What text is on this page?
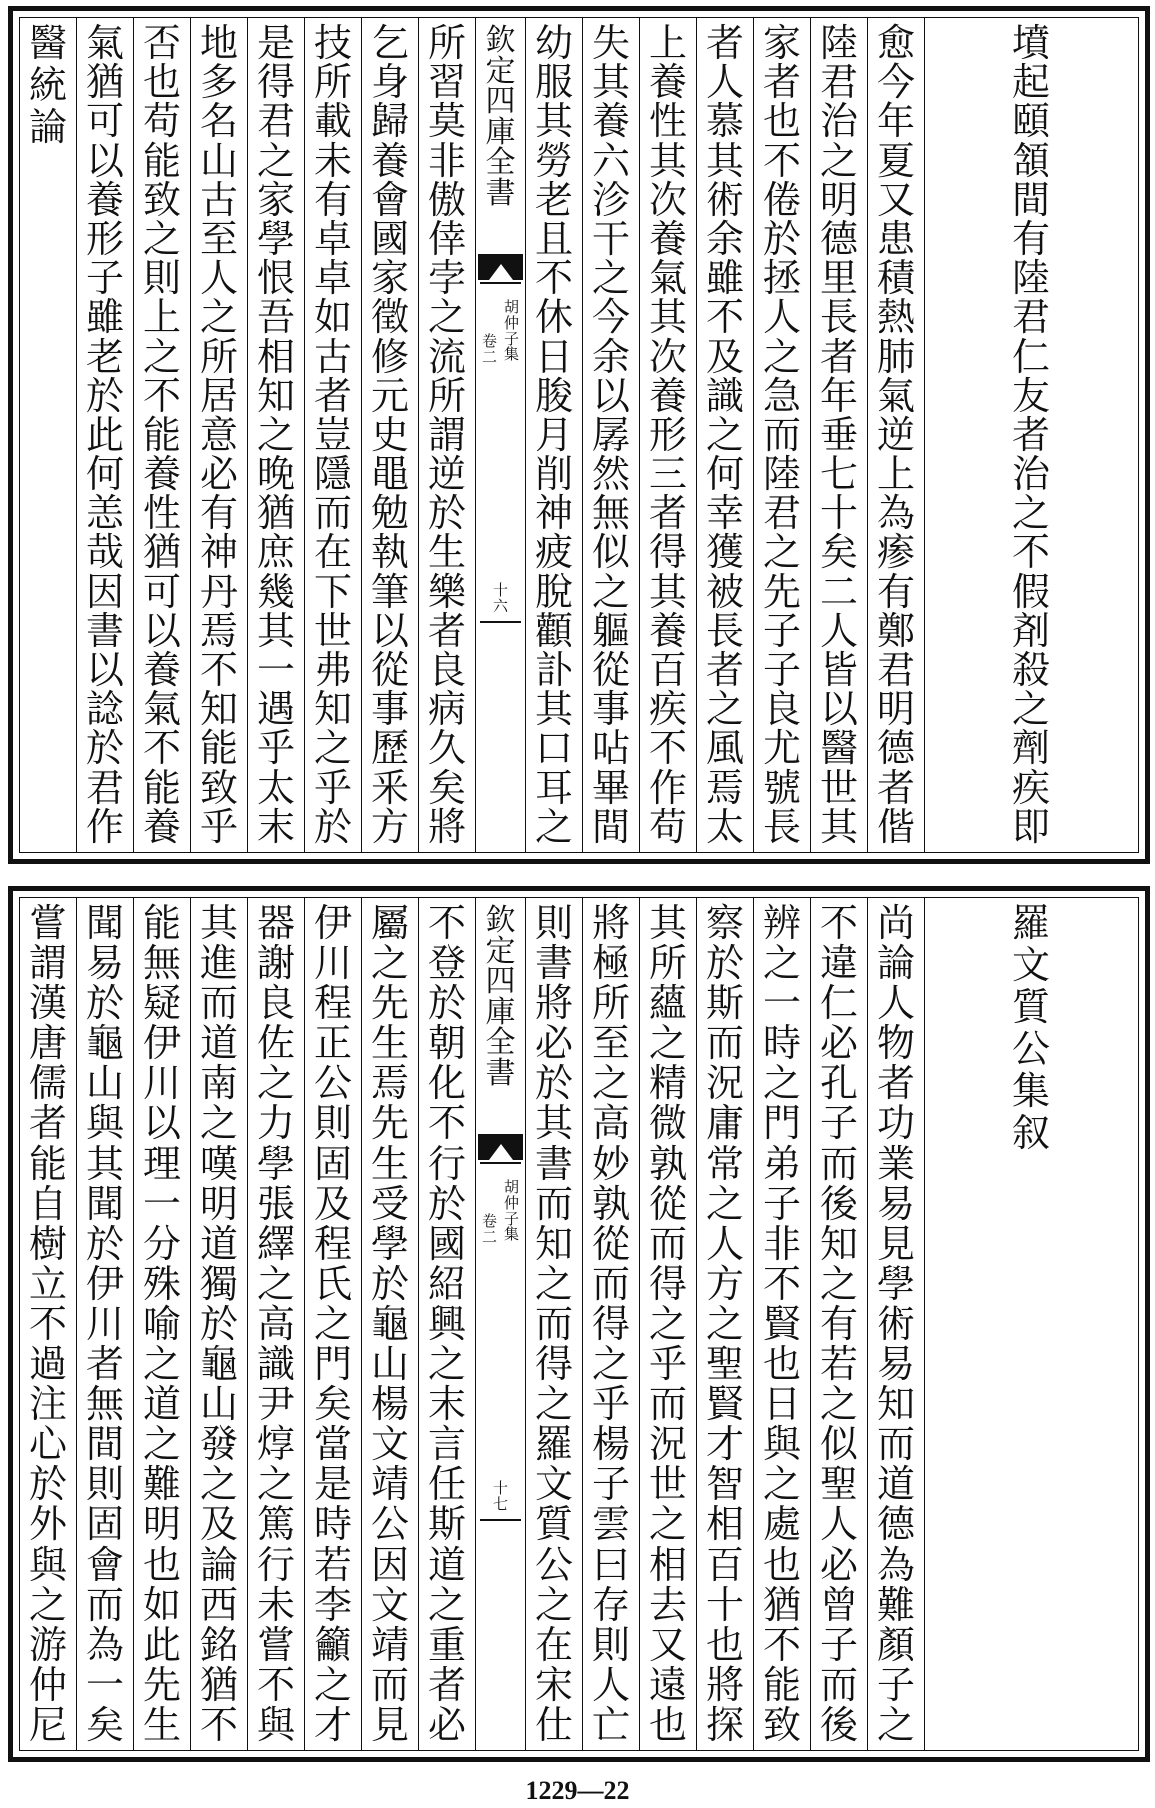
醫
統
論
氣
猶
可
以
養
形
子
雖
老
於
此
何
恙
哉
因
書
以
諗
於
君
作
否
也
苟
能
致
之
則
上
之
不
能
養
性
猶
可
以
養
氣
不
能
養
地
多
名
山
古
至
人
之
所
居
意
必
有
神
丹
焉
不
知
能
致
乎
是
得
君
之
家
學
恨
吾
相
知
之
晚
猶
庶
幾
其
一
遇
乎
太
末
技
所
載
未
有
卓
卓
如
古
者
豈
隱
而
在
下
世
弗
知
之
乎
於
乞
身
歸
養
會
國
家
徵
修
元
史
黽
勉
執
筆
以
從
事
歷
釆
方
所
習
莫
非
傲
倖
孛
之
流
所
謂
逆
於
生
樂
者
良
病
久
矣
將
欽
定
四
庫
全
書
胡
仲
子
集
卷
二
十
六
幼
服
其
勞
老
且
不
休
日
朘
月
削
神
疲
脫
顴
訃
其
口
耳
之
失
其
養
六
沴
干
之
今
余
以
孱
然
無
似
之
軀
從
事
呫
畢
間
上
養
性
其
次
養
氣
其
次
養
形
三
者
得
其
養
百
疾
不
作
苟
者
人
慕
其
術
余
雖
不
及
識
之
何
幸
獲
被
長
者
之
風
焉
太
家
者
也
不
倦
於
拯
人
之
急
而
陸
君
之
先
子
子
良
尤
號
長
陸
君
治
之
明
德
里
長
者
年
垂
七
十
矣
二
人
皆
以
醫
世
其
愈
今
年
夏
又
患
積
熱
肺
氣
逆
上
為
瘆
有
鄭
君
明
德
者
偕
墳
起
頤
頷
間
有
陸
君
仁
友
者
治
之
不
假
剤
殺
之
劑
疾
即
嘗
謂
漢
唐
儒
者
能
自
樹
立
不
過
注
心
於
外
與
之
游
仲
尼
聞
易
於
龜
山
與
其
聞
於
伊
川
者
無
間
則
固
會
而
為
一
矣
能
無
疑
伊
川
以
理
一
分
殊
喻
之
道
之
難
明
也
如
此
先
生
其
進
而
道
南
之
嘆
明
道
獨
於
龜
山
發
之
及
論
西
銘
猶
不
器
謝
良
佐
之
力
學
張
繹
之
高
識
尹
焞
之
篤
行
未
嘗
不
與
伊
川
程
正
公
則
固
及
程
氏
之
門
矣
當
是
時
若
李
籲
之
才
屬
之
先
生
焉
先
生
受
學
於
龜
山
楊
文
靖
公
因
文
靖
而
見
不
登
於
朝
化
不
行
於
國
紹
興
之
末
言
任
斯
道
之
重
者
必
欽
定
四
庫
全
書
胡
仲
子
集
卷
二
十
七
則
書
將
必
於
其
書
而
知
之
而
得
之
羅
文
質
公
之
在
宋
仕
將
極
所
至
之
高
妙
孰
從
而
得
之
乎
楊
子
雲
曰
存
則
人
亡
其
所
蘊
之
精
微
孰
從
而
得
之
乎
而
況
世
之
相
去
又
遠
也
察
於
斯
而
況
庸
常
之
人
方
之
聖
賢
才
智
相
百
十
也
將
探
辨
之
一
時
之
門
弟
子
非
不
賢
也
日
與
之
處
也
猶
不
能
致
不
違
仁
必
孔
子
而
後
知
之
有
若
之
似
聖
人
必
曾
子
而
後
尚
論
人
物
者
功
業
易
見
學
術
易
知
而
道
德
為
難
顏
子
之
羅
文
質
公
集
叙
1229—22
